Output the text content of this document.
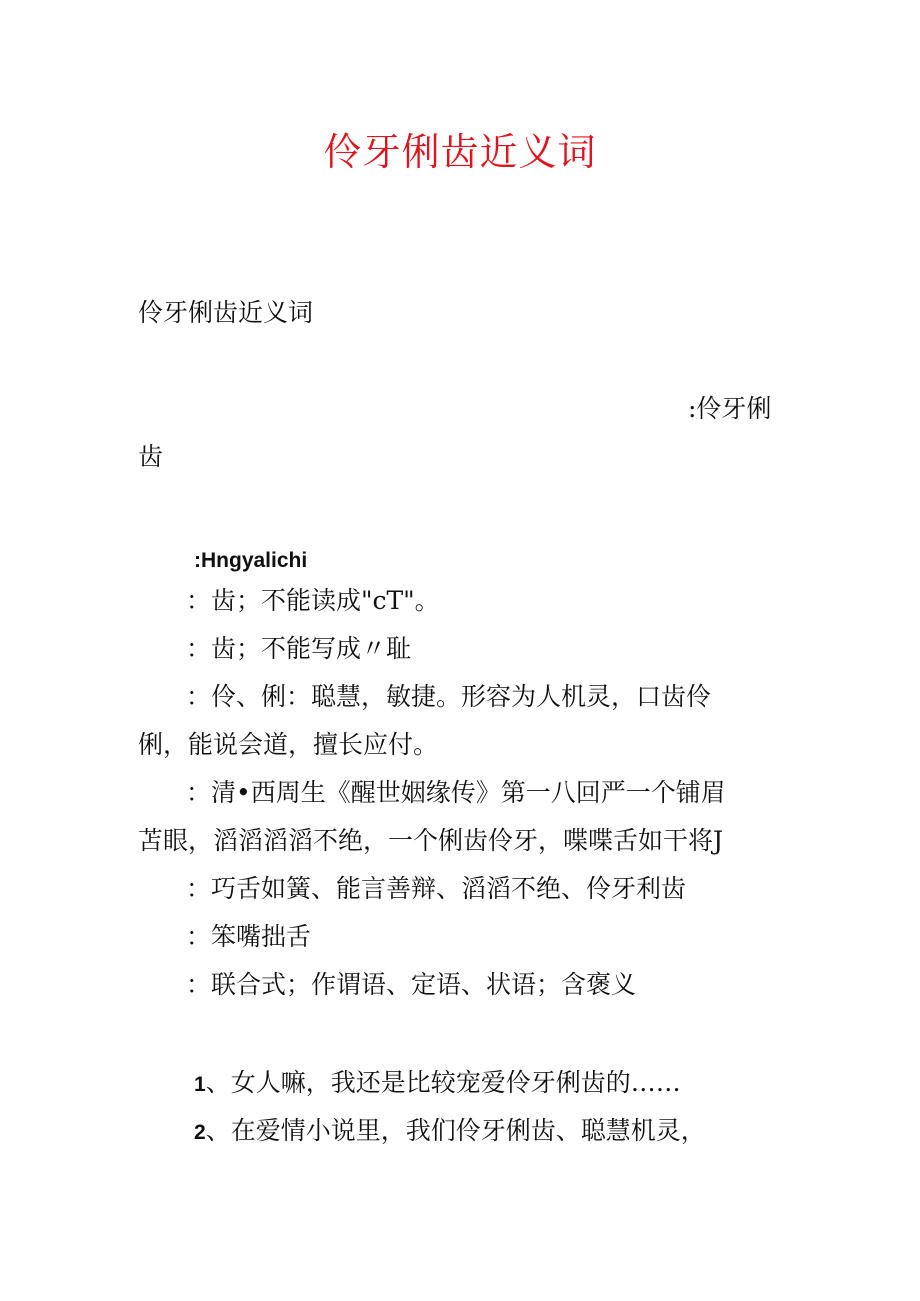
伶牙俐齿近义词
伶牙俐齿近义词
:伶牙俐
齿
:Hngyalichi
：齿；不能读成"cT"。
：齿；不能写成〃耻
：伶、俐：聪慧，敏捷。形容为人机灵，口齿伶
俐，能说会道，擅长应付。
：清•西周生《醒世姻缘传》第一八回严一个铺眉
苫眼，滔滔滔滔不绝，一个俐齿伶牙，喋喋舌如干将J
：巧舌如簧、能言善辩、滔滔不绝、伶牙利齿
：笨嘴拙舌
：联合式；作谓语、定语、状语；含褒义
1、女人嘛，我还是比较宠爱伶牙俐齿的……
2、在爱情小说里，我们伶牙俐齿、聪慧机灵，
